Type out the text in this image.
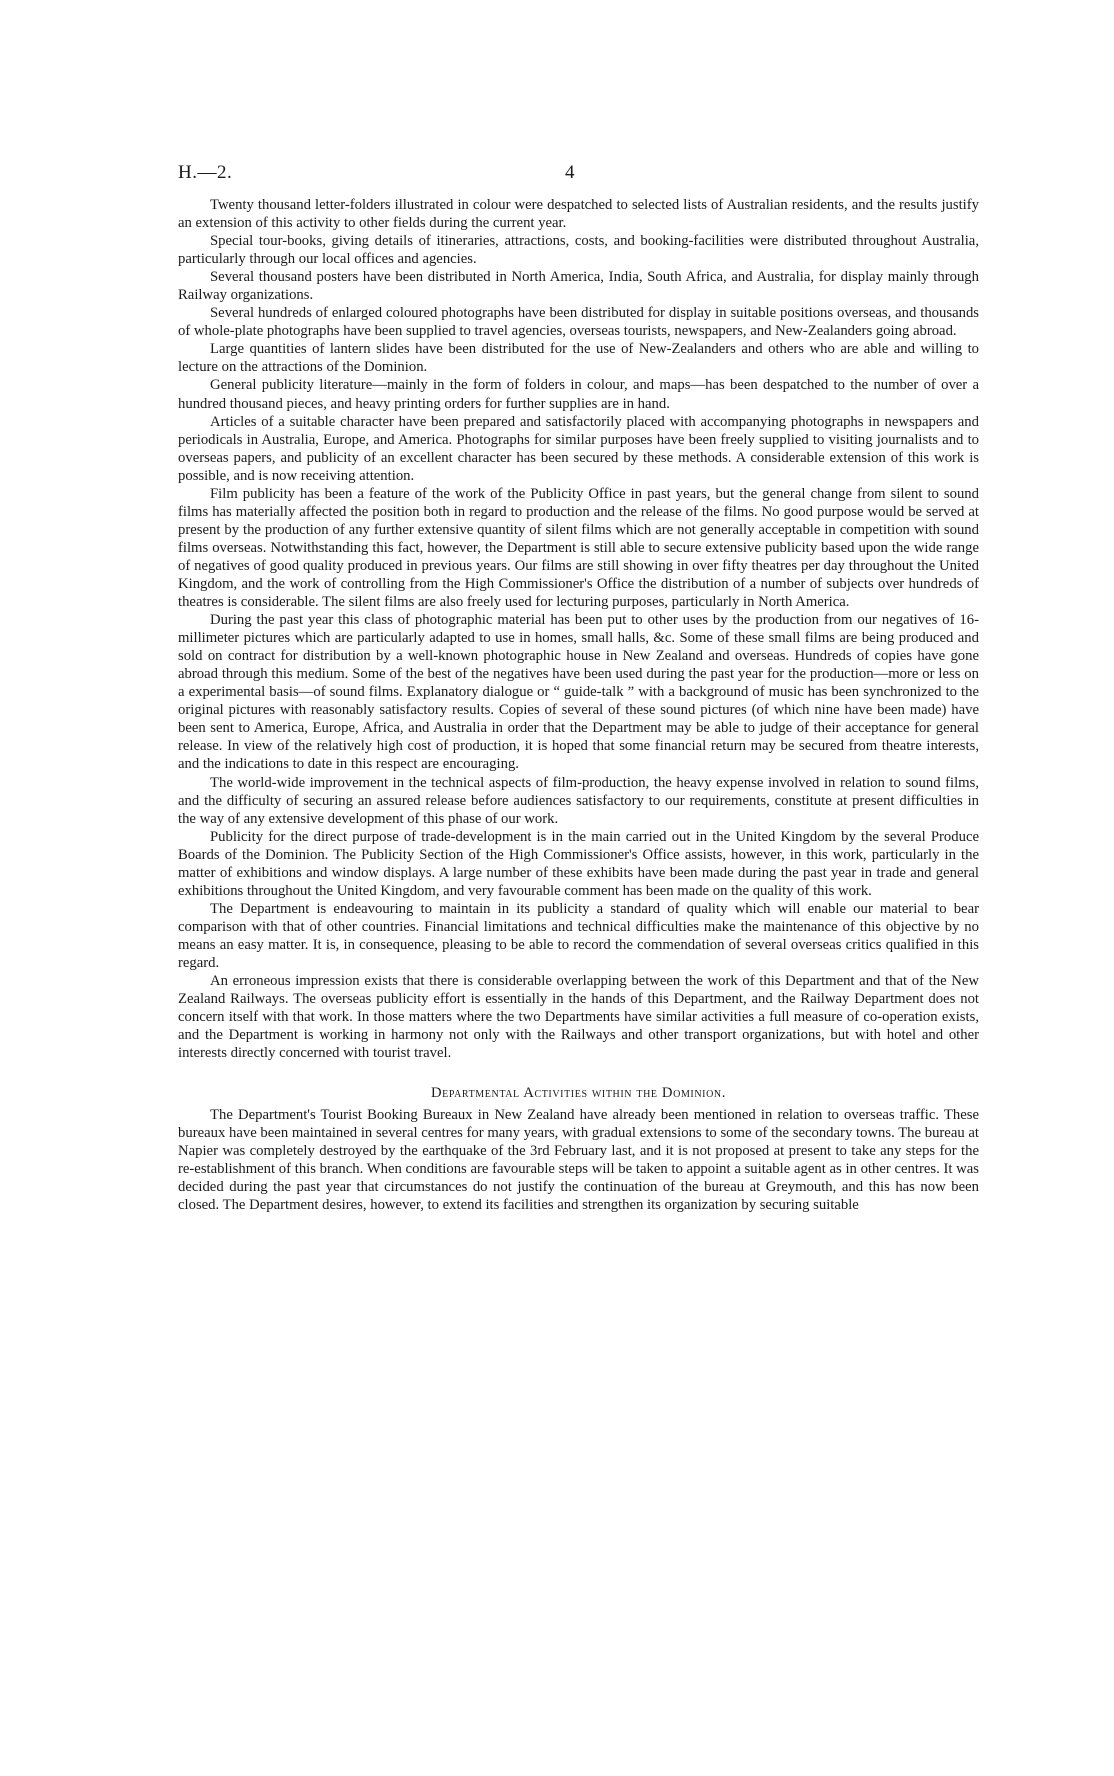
H.—2.	4

Twenty thousand letter-folders illustrated in colour were despatched to selected lists of Australian residents, and the results justify an extension of this activity to other fields during the current year.

Special tour-books, giving details of itineraries, attractions, costs, and booking-facilities were distributed throughout Australia, particularly through our local offices and agencies.

Several thousand posters have been distributed in North America, India, South Africa, and Australia, for display mainly through Railway organizations.

Several hundreds of enlarged coloured photographs have been distributed for display in suitable positions overseas, and thousands of whole-plate photographs have been supplied to travel agencies, overseas tourists, newspapers, and New-Zealanders going abroad.

Large quantities of lantern slides have been distributed for the use of New-Zealanders and others who are able and willing to lecture on the attractions of the Dominion.

General publicity literature—mainly in the form of folders in colour, and maps—has been despatched to the number of over a hundred thousand pieces, and heavy printing orders for further supplies are in hand.

Articles of a suitable character have been prepared and satisfactorily placed with accompanying photographs in newspapers and periodicals in Australia, Europe, and America. Photographs for similar purposes have been freely supplied to visiting journalists and to overseas papers, and publicity of an excellent character has been secured by these methods. A considerable extension of this work is possible, and is now receiving attention.

Film publicity has been a feature of the work of the Publicity Office in past years, but the general change from silent to sound films has materially affected the position both in regard to production and the release of the films. No good purpose would be served at present by the production of any further extensive quantity of silent films which are not generally acceptable in competition with sound films overseas. Notwithstanding this fact, however, the Department is still able to secure extensive publicity based upon the wide range of negatives of good quality produced in previous years. Our films are still showing in over fifty theatres per day throughout the United Kingdom, and the work of controlling from the High Commissioner's Office the distribution of a number of subjects over hundreds of theatres is considerable. The silent films are also freely used for lecturing purposes, particularly in North America.

During the past year this class of photographic material has been put to other uses by the production from our negatives of 16-millimeter pictures which are particularly adapted to use in homes, small halls, &c. Some of these small films are being produced and sold on contract for distribution by a well-known photographic house in New Zealand and overseas. Hundreds of copies have gone abroad through this medium. Some of the best of the negatives have been used during the past year for the production—more or less on a experimental basis—of sound films. Explanatory dialogue or “ guide-talk ” with a background of music has been synchronized to the original pictures with reasonably satisfactory results. Copies of several of these sound pictures (of which nine have been made) have been sent to America, Europe, Africa, and Australia in order that the Department may be able to judge of their acceptance for general release. In view of the relatively high cost of production, it is hoped that some financial return may be secured from theatre interests, and the indications to date in this respect are encouraging.

The world-wide improvement in the technical aspects of film-production, the heavy expense involved in relation to sound films, and the difficulty of securing an assured release before audiences satisfactory to our requirements, constitute at present difficulties in the way of any extensive development of this phase of our work.

Publicity for the direct purpose of trade-development is in the main carried out in the United Kingdom by the several Produce Boards of the Dominion. The Publicity Section of the High Commissioner's Office assists, however, in this work, particularly in the matter of exhibitions and window displays. A large number of these exhibits have been made during the past year in trade and general exhibitions throughout the United Kingdom, and very favourable comment has been made on the quality of this work.

The Department is endeavouring to maintain in its publicity a standard of quality which will enable our material to bear comparison with that of other countries. Financial limitations and technical difficulties make the maintenance of this objective by no means an easy matter. It is, in consequence, pleasing to be able to record the commendation of several overseas critics qualified in this regard.

An erroneous impression exists that there is considerable overlapping between the work of this Department and that of the New Zealand Railways. The overseas publicity effort is essentially in the hands of this Department, and the Railway Department does not concern itself with that work. In those matters where the two Departments have similar activities a full measure of co-operation exists, and the Department is working in harmony not only with the Railways and other transport organizations, but with hotel and other interests directly concerned with tourist travel.

Departmental Activities within the Dominion.

The Department's Tourist Booking Bureaux in New Zealand have already been mentioned in relation to overseas traffic. These bureaux have been maintained in several centres for many years, with gradual extensions to some of the secondary towns. The bureau at Napier was completely destroyed by the earthquake of the 3rd February last, and it is not proposed at present to take any steps for the re-establishment of this branch. When conditions are favourable steps will be taken to appoint a suitable agent as in other centres. It was decided during the past year that circumstances do not justify the continuation of the bureau at Greymouth, and this has now been closed. The Department desires, however, to extend its facilities and strengthen its organization by securing suitable
